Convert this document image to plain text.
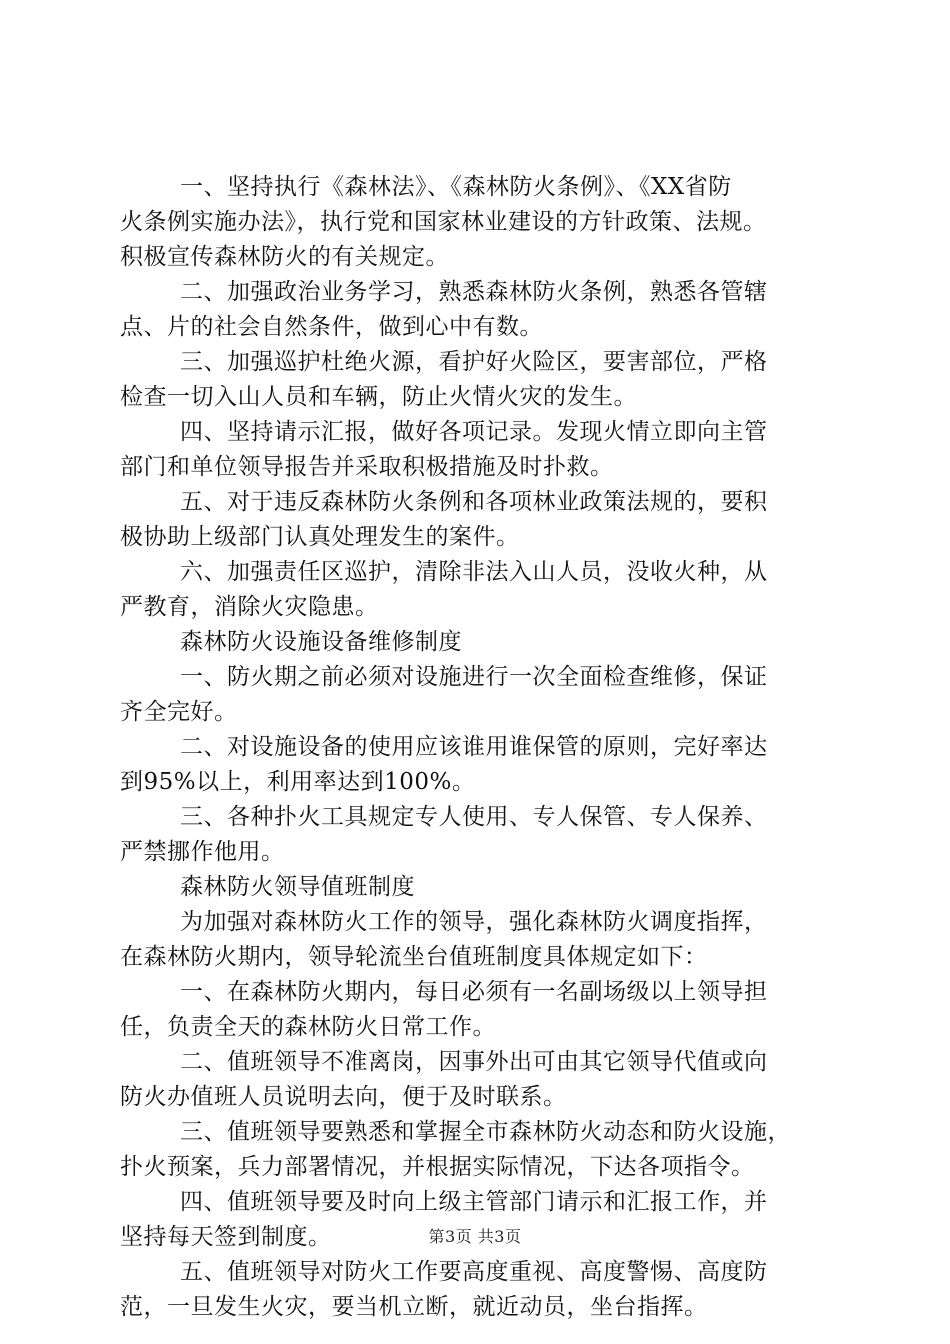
一、坚持执行《森林法》、《森林防火条例》、《XX省防
火条例实施办法》，执行党和国家林业建设的方针政策、法规。
积极宣传森林防火的有关规定。
二、加强政治业务学习，熟悉森林防火条例，熟悉各管辖
点、片的社会自然条件，做到心中有数。
三、加强巡护杜绝火源，看护好火险区，要害部位，严格
检查一切入山人员和车辆，防止火情火灾的发生。
四、坚持请示汇报，做好各项记录。发现火情立即向主管
部门和单位领导报告并采取积极措施及时扑救。
五、对于违反森林防火条例和各项林业政策法规的，要积
极协助上级部门认真处理发生的案件。
六、加强责任区巡护，清除非法入山人员，没收火种，从
严教育，消除火灾隐患。
森林防火设施设备维修制度
一、防火期之前必须对设施进行一次全面检查维修，保证
齐全完好。
二、对设施设备的使用应该谁用谁保管的原则，完好率达
到95%以上，利用率达到100%。
三、各种扑火工具规定专人使用、专人保管、专人保养、
严禁挪作他用。
森林防火领导值班制度
为加强对森林防火工作的领导，强化森林防火调度指挥，
在森林防火期内，领导轮流坐台值班制度具体规定如下：
一、在森林防火期内，每日必须有一名副场级以上领导担
任，负责全天的森林防火日常工作。
二、值班领导不准离岗，因事外出可由其它领导代值或向
防火办值班人员说明去向，便于及时联系。
三、值班领导要熟悉和掌握全市森林防火动态和防火设施，
扑火预案，兵力部署情况，并根据实际情况，下达各项指令。
四、值班领导要及时向上级主管部门请示和汇报工作，并
坚持每天签到制度。
五、值班领导对防火工作要高度重视、高度警惕、高度防
范，一旦发生火灾，要当机立断，就近动员，坐台指挥。
第3页 共3页
